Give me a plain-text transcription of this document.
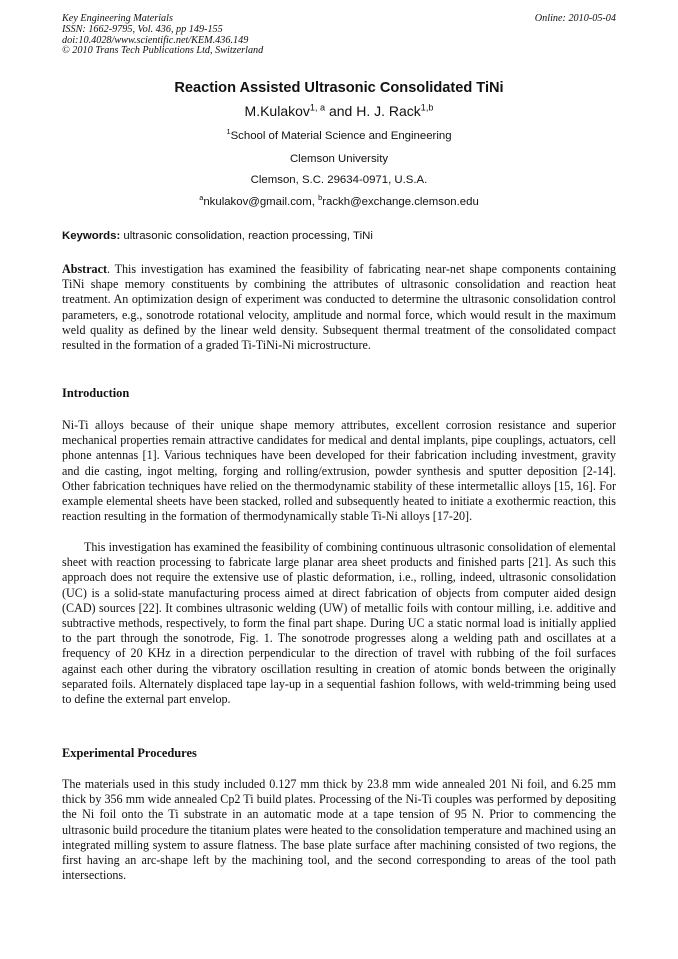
Key Engineering Materials
ISSN: 1662-9795, Vol. 436, pp 149-155
doi:10.4028/www.scientific.net/KEM.436.149
© 2010 Trans Tech Publications Ltd, Switzerland
Online: 2010-05-04
Reaction Assisted Ultrasonic Consolidated TiNi
M.Kulakov$^{1, a}$ and H. J. Rack$^{1,b}$
$^1$School of Material Science and Engineering
Clemson University
Clemson, S.C. 29634-0971, U.S.A.
$^a$nkulakov@gmail.com, $^b$rackh@exchange.clemson.edu
Keywords: ultrasonic consolidation, reaction processing, TiNi

Abstract. This investigation has examined the feasibility of fabricating near-net shape components containing TiNi shape memory constituents by combining the attributes of ultrasonic consolidation and reaction heat treatment. An optimization design of experiment was conducted to determine the ultrasonic consolidation control parameters, e.g., sonotrode rotational velocity, amplitude and normal force, which would result in the maximum weld quality as defined by the linear weld density. Subsequent thermal treatment of the consolidated compact resulted in the formation of a graded Ti-TiNi-Ni microstructure.

Introduction

Ni-Ti alloys because of their unique shape memory attributes, excellent corrosion resistance and superior mechanical properties remain attractive candidates for medical and dental implants, pipe couplings, actuators, cell phone antennas [1]. Various techniques have been developed for their fabrication including investment, gravity and die casting, ingot melting, forging and rolling/extrusion, powder synthesis and sputter deposition [2-14]. Other fabrication techniques have relied on the thermodynamic stability of these intermetallic alloys [15, 16]. For example elemental sheets have been stacked, rolled and subsequently heated to initiate a exothermic reaction, this reaction resulting in the formation of thermodynamically stable Ti-Ni alloys [17-20].

This investigation has examined the feasibility of combining continuous ultrasonic consolidation of elemental sheet with reaction processing to fabricate large planar area sheet products and finished parts [21]. As such this approach does not require the extensive use of plastic deformation, i.e., rolling, indeed, ultrasonic consolidation (UC) is a solid-state manufacturing process aimed at direct fabrication of objects from computer aided design (CAD) sources [22]. It combines ultrasonic welding (UW) of metallic foils with contour milling, i.e. additive and subtractive methods, respectively, to form the final part shape. During UC a static normal load is initially applied to the part through the sonotrode, Fig. 1. The sonotrode progresses along a welding path and oscillates at a frequency of 20 KHz in a direction perpendicular to the direction of travel with rubbing of the foil surfaces against each other during the vibratory oscillation resulting in creation of atomic bonds between the originally separated foils. Alternately displaced tape lay-up in a sequential fashion follows, with weld-trimming being used to define the external part envelop.

Experimental Procedures

The materials used in this study included 0.127 mm thick by 23.8 mm wide annealed 201 Ni foil, and 6.25 mm thick by 356 mm wide annealed Cp2 Ti build plates. Processing of the Ni-Ti couples was performed by depositing the Ni foil onto the Ti substrate in an automatic mode at a tape tension of 95 N. Prior to commencing the ultrasonic build procedure the titanium plates were heated to the consolidation temperature and machined using an integrated milling system to assure flatness. The base plate surface after machining consisted of two regions, the first having an arc-shape left by the machining tool, and the second corresponding to areas of the tool path intersections.
